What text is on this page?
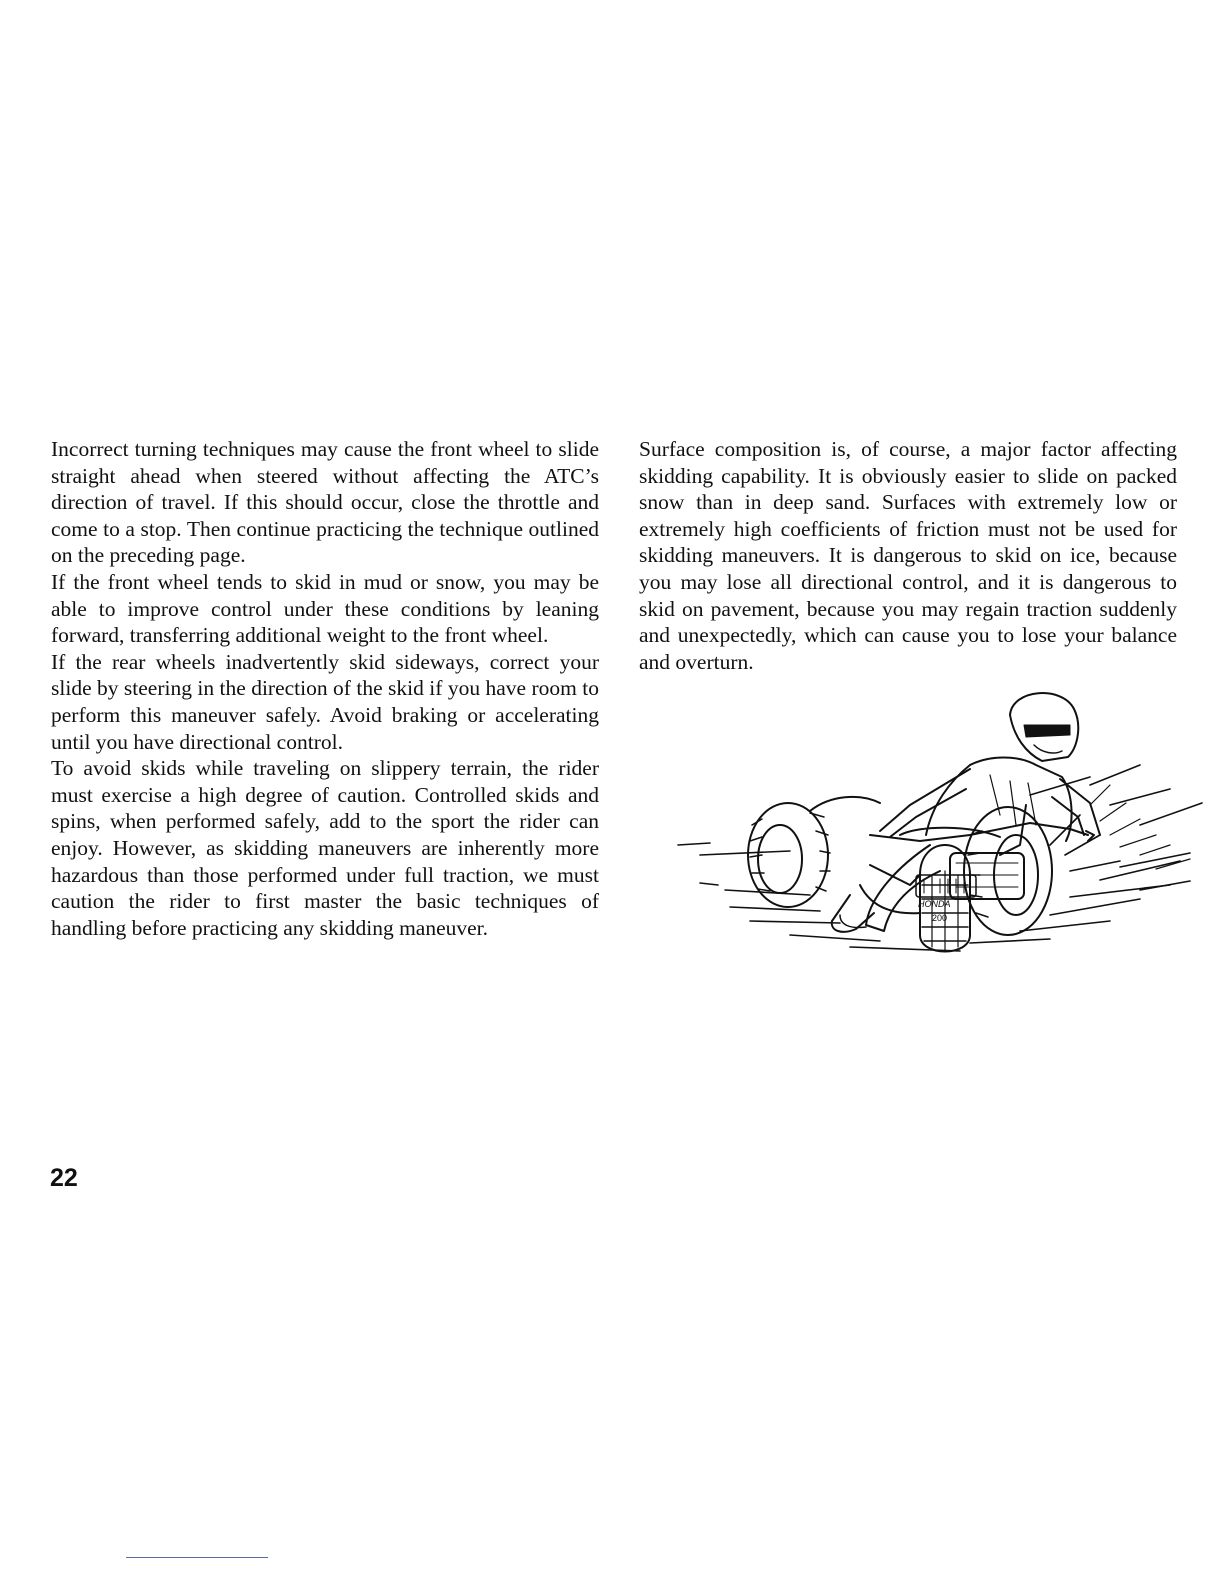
Incorrect turning techniques may cause the front wheel to slide straight ahead when steered without affecting the ATC’s direction of travel. If this should occur, close the throttle and come to a stop. Then continue practicing the technique outlined on the preceding page.

If the front wheel tends to skid in mud or snow, you may be able to improve control under these conditions by leaning forward, transferring additional weight to the front wheel.

If the rear wheels inadvertently skid sideways, correct your slide by steering in the direction of the skid if you have room to perform this maneuver safely. Avoid braking or accelerating until you have directional control.

To avoid skids while traveling on slippery terrain, the rider must exercise a high degree of caution. Controlled skids and spins, when performed safely, add to the sport the rider can enjoy. However, as skidding maneuvers are inherently more hazardous than those performed under full traction, we must caution the rider to first master the basic techniques of handling before practicing any skidding maneuver.

Surface composition is, of course, a major factor affecting skidding capability. It is obviously easier to slide on packed snow than in deep sand. Surfaces with extremely low or extremely high coefficients of friction must not be used for skidding maneuvers. It is dangerous to skid on ice, because you may lose all directional control, and it is dangerous to skid on pavement, because you may regain traction suddenly and unexpectedly, which can cause you to lose your balance and overturn.

HONDA
200
22
